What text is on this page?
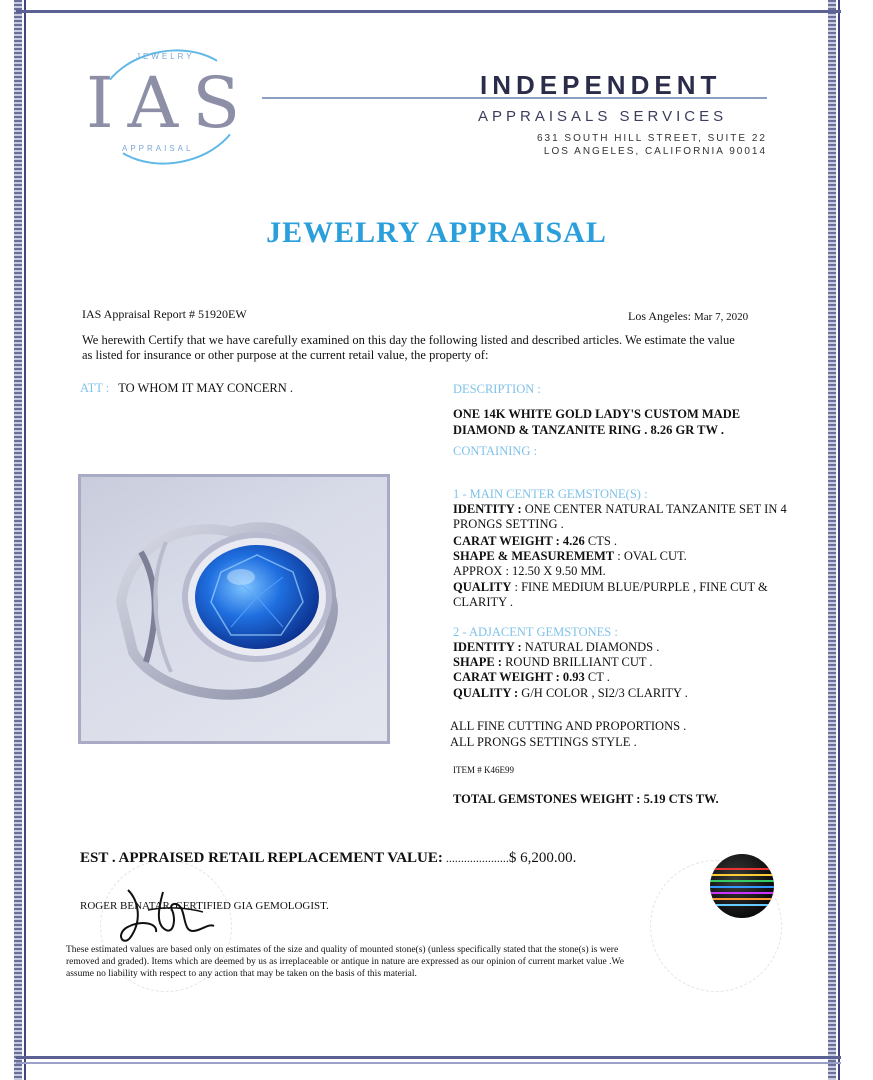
IAS
JEWELRY
APPRAISAL
INDEPENDENT
APPRAISALS SERVICES
631 SOUTH HILL STREET, SUITE 22
LOS ANGELES, CALIFORNIA 90014
JEWELRY APPRAISAL
IAS Appraisal Report # 51920EW	Los Angeles: Mar 7, 2020
We herewith Certify that we have carefully examined on this day the following listed and described articles. We estimate the value
as listed for insurance or other purpose at the current retail value, the property of:
ATT : TO WHOM IT MAY CONCERN .	DESCRIPTION :
ONE 14K WHITE GOLD LADY'S CUSTOM MADE
DIAMOND & TANZANITE RING . 8.26 GR TW .
CONTAINING :
1 - MAIN CENTER GEMSTONE(S) :
IDENTITY : ONE CENTER NATURAL TANZANITE SET IN 4
PRONGS SETTING .
CARAT WEIGHT : 4.26 CTS .
SHAPE & MEASUREMEMT : OVAL CUT.
APPROX : 12.50 X 9.50 MM.
QUALITY : FINE MEDIUM BLUE/PURPLE , FINE CUT &
CLARITY .
2 - ADJACENT GEMSTONES :
IDENTITY : NATURAL DIAMONDS .
SHAPE : ROUND BRILLIANT CUT .
CARAT WEIGHT : 0.93 CT .
QUALITY : G/H COLOR , SI2/3 CLARITY .
ALL FINE CUTTING AND PROPORTIONS .
ALL PRONGS SETTINGS STYLE .
ITEM # K46E99
TOTAL GEMSTONES WEIGHT : 5.19 CTS TW.
EST . APPRAISED RETAIL REPLACEMENT VALUE: .....................$ 6,200.00.
ROGER BENATAR, CERTIFIED GIA GEMOLOGIST.
These estimated values are based only on estimates of the size and quality of mounted stone(s) (unless specifically stated that the stone(s) is were
removed and graded). Items which are deemed by us as irreplaceable or antique in nature are expressed as our opinion of current market value .We
assume no liability with respect to any action that may be taken on the basis of this material.
